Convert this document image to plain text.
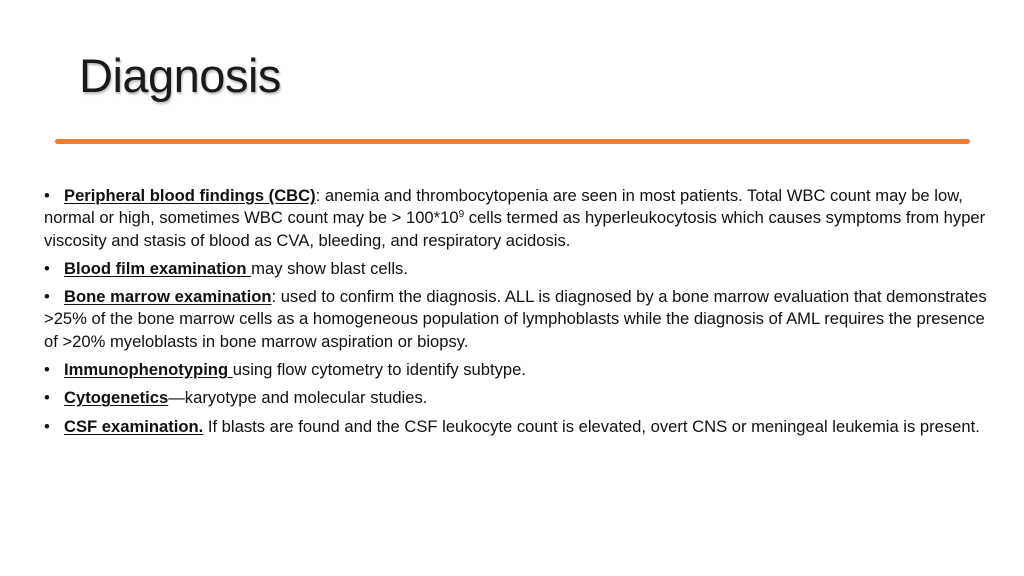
Diagnosis

• Peripheral blood findings (CBC): anemia and thrombocytopenia are seen in most patients. Total WBC count may be low, normal or high, sometimes WBC count may be > $100*10^9$ cells termed as hyperleukocytosis which causes symptoms from hyper viscosity and stasis of blood as CVA, bleeding, and respiratory acidosis.

• Blood film examination may show blast cells.

• Bone marrow examination: used to confirm the diagnosis. ALL is diagnosed by a bone marrow evaluation that demonstrates >25% of the bone marrow cells as a homogeneous population of lymphoblasts while the diagnosis of AML requires the presence of >20% myeloblasts in bone marrow aspiration or biopsy.

• Immunophenotyping using flow cytometry to identify subtype.

• Cytogenetics—karyotype and molecular studies.

• CSF examination. If blasts are found and the CSF leukocyte count is elevated, overt CNS or meningeal leukemia is present.
